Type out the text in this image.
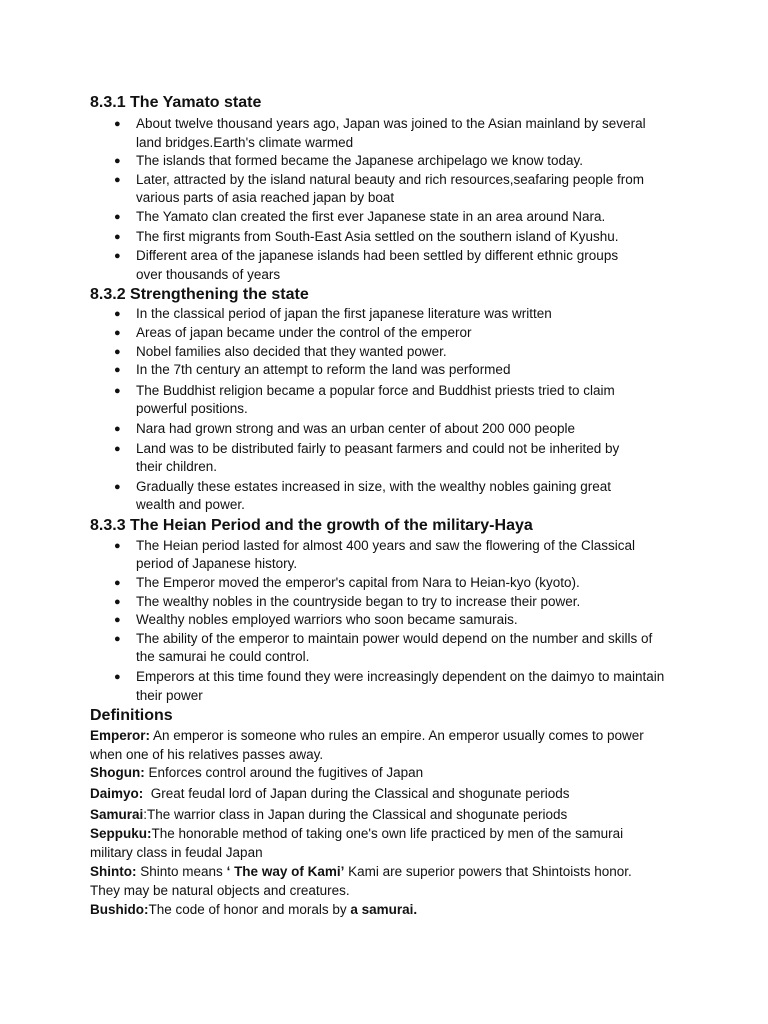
8.3.1 The Yamato state
● About twelve thousand years ago, Japan was joined to the Asian mainland by several
land bridges.Earth's climate warmed
● The islands that formed became the Japanese archipelago we know today.
● Later, attracted by the island natural beauty and rich resources,seafaring people from
various parts of asia reached japan by boat
● The Yamato clan created the first ever Japanese state in an area around Nara.
● The first migrants from South-East Asia settled on the southern island of Kyushu.
● Different area of the japanese islands had been settled by different ethnic groups
over thousands of years
8.3.2 Strengthening the state
● In the classical period of japan the first japanese literature was written
● Areas of japan became under the control of the emperor
● Nobel families also decided that they wanted power.
● In the 7th century an attempt to reform the land was performed
● The Buddhist religion became a popular force and Buddhist priests tried to claim
powerful positions.
● Nara had grown strong and was an urban center of about 200 000 people
● Land was to be distributed fairly to peasant farmers and could not be inherited by
their children.
● Gradually these estates increased in size, with the wealthy nobles gaining great
wealth and power.
8.3.3 The Heian Period and the growth of the military-Haya
● The Heian period lasted for almost 400 years and saw the flowering of the Classical
period of Japanese history.
● The Emperor moved the emperor's capital from Nara to Heian-kyo (kyoto).
● The wealthy nobles in the countryside began to try to increase their power.
● Wealthy nobles employed warriors who soon became samurais.
● The ability of the emperor to maintain power would depend on the number and skills of
the samurai he could control.
● Emperors at this time found they were increasingly dependent on the daimyo to maintain
their power
Definitions
Emperor: An emperor is someone who rules an empire. An emperor usually comes to power
when one of his relatives passes away.
Shogun: Enforces control around the fugitives of Japan
Daimyo:  Great feudal lord of Japan during the Classical and shogunate periods
Samurai:The warrior class in Japan during the Classical and shogunate periods
Seppuku:The honorable method of taking one's own life practiced by men of the samurai
military class in feudal Japan
Shinto: Shinto means ‘ The way of Kami’ Kami are superior powers that Shintoists honor.
They may be natural objects and creatures.
Bushido:The code of honor and morals by a samurai.
